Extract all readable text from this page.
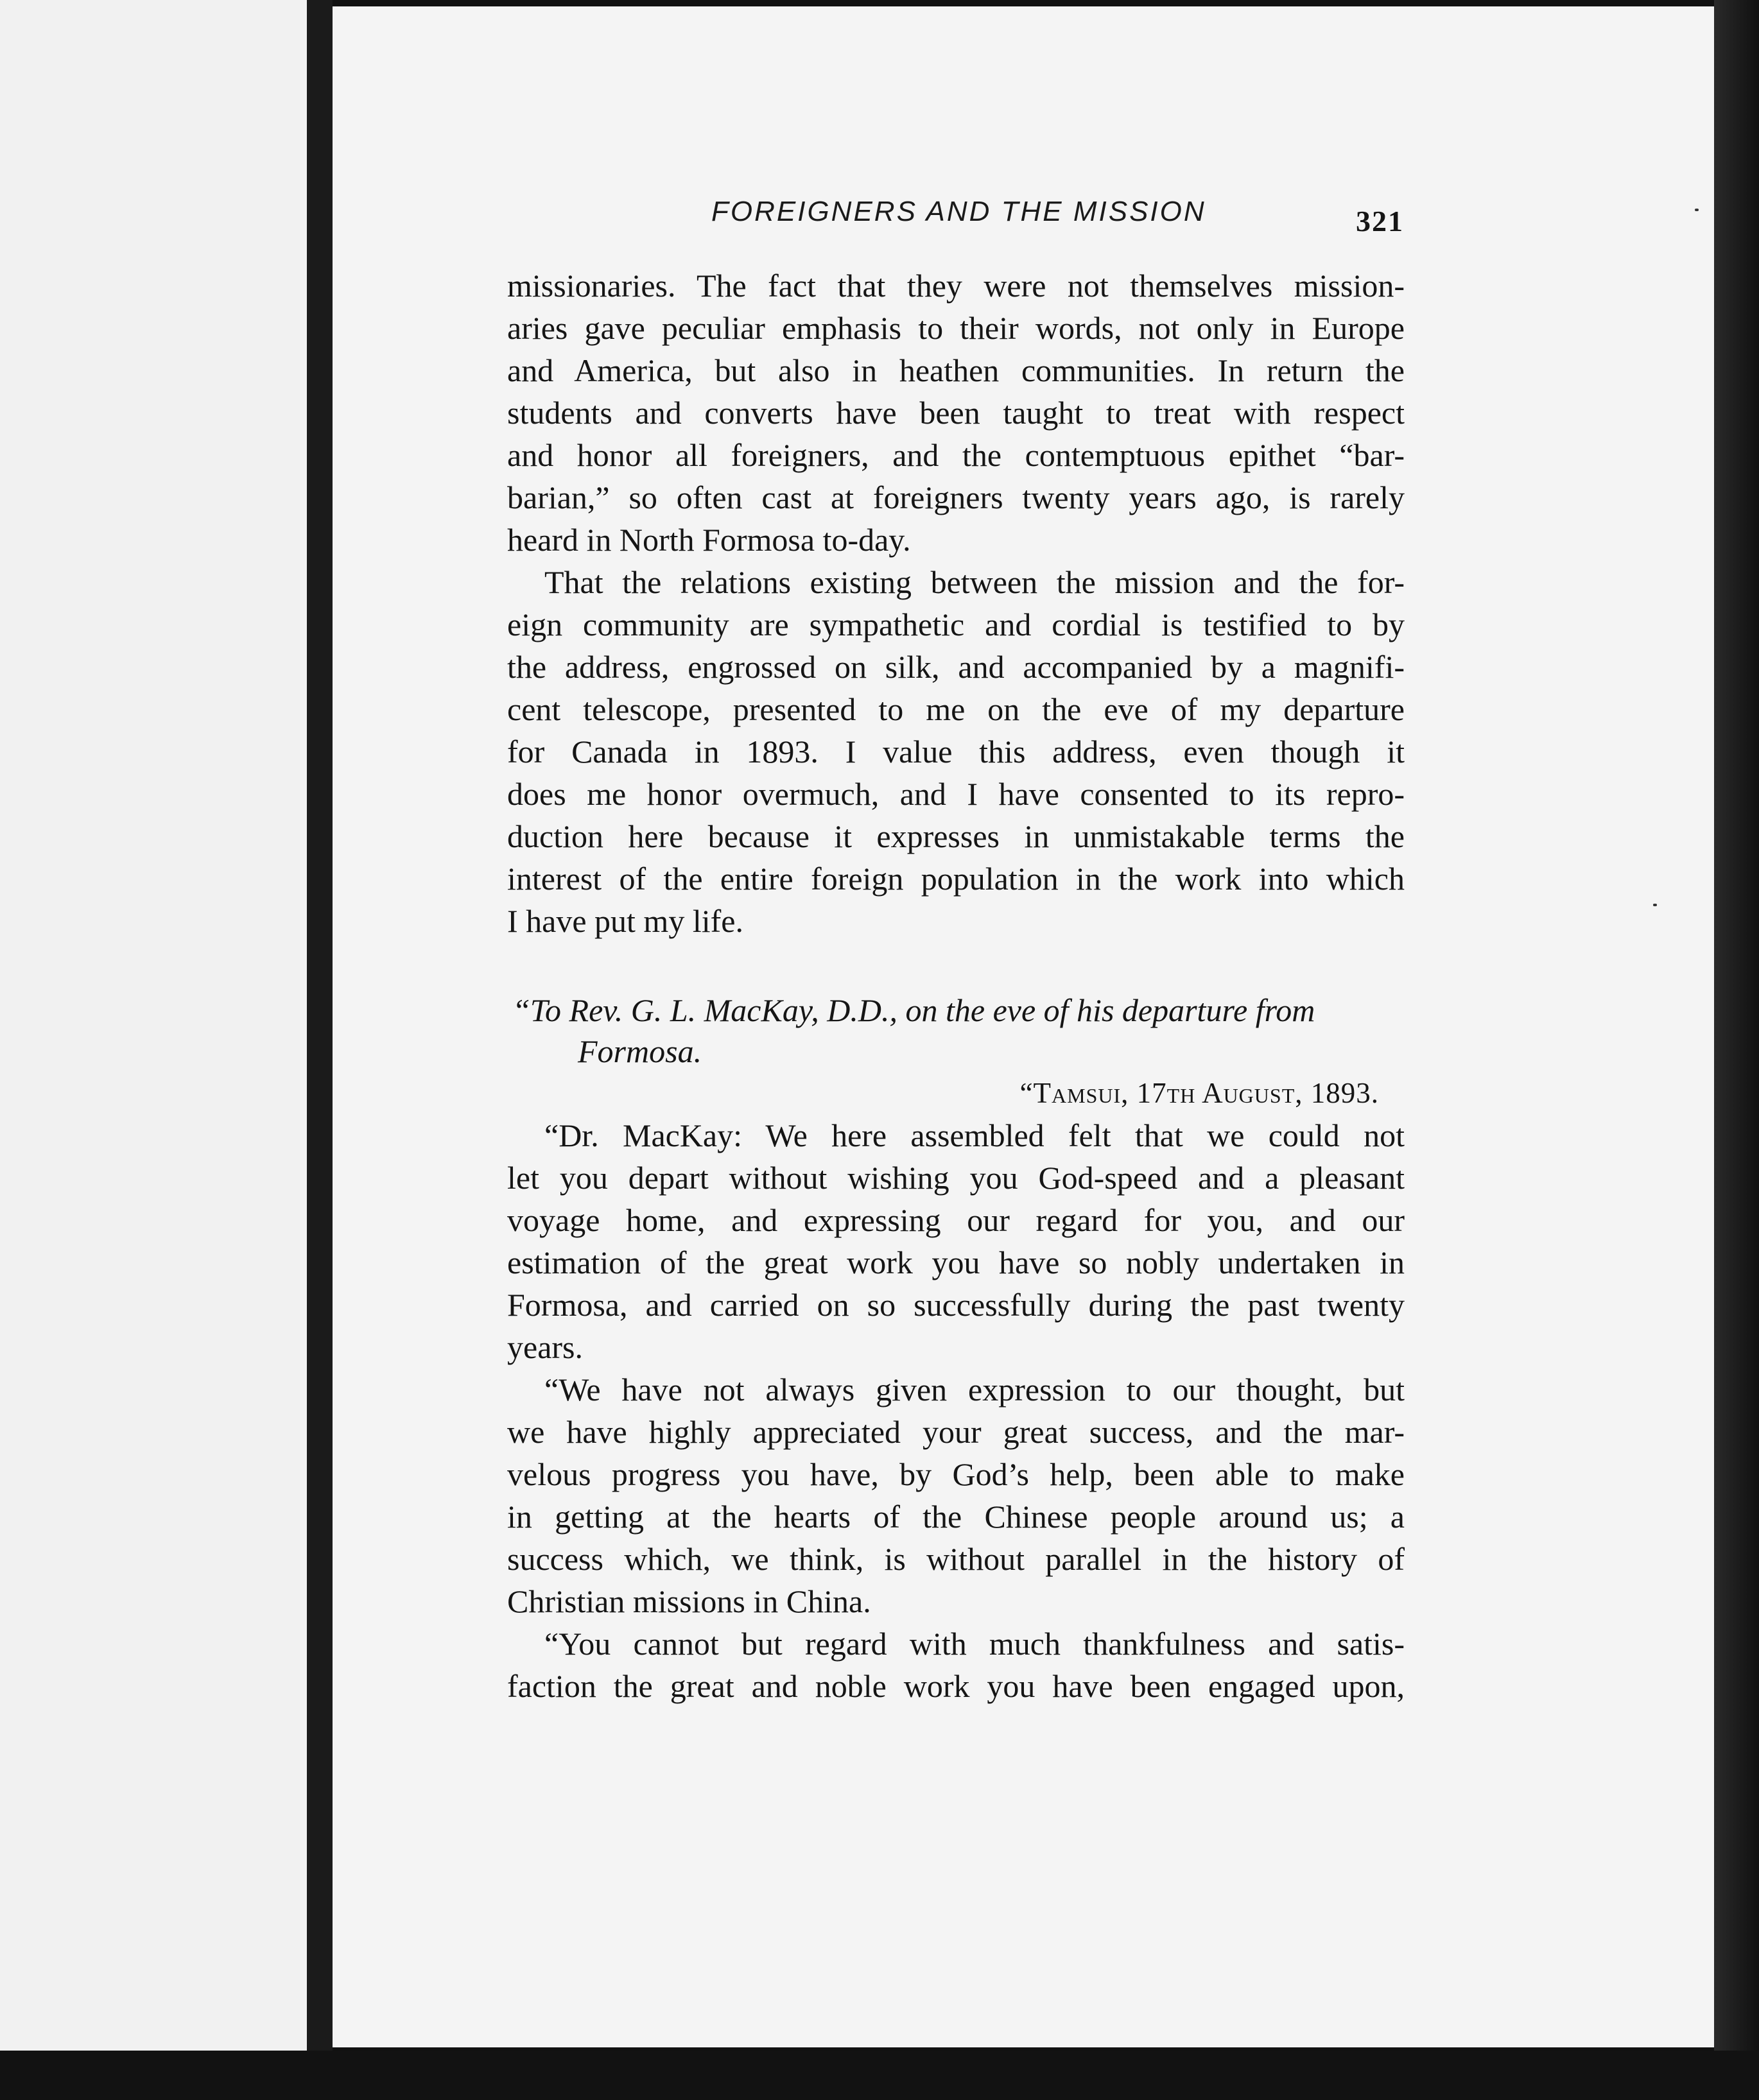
FOREIGNERS AND THE MISSION	321
missionaries. The fact that they were not themselves mission-
aries gave peculiar emphasis to their words, not only in Europe
and America, but also in heathen communities. In return the
students and converts have been taught to treat with respect
and honor all foreigners, and the contemptuous epithet “bar-
barian,” so often cast at foreigners twenty years ago, is rarely
heard in North Formosa to-day.
That the relations existing between the mission and the for-
eign community are sympathetic and cordial is testified to by
the address, engrossed on silk, and accompanied by a magnifi-
cent telescope, presented to me on the eve of my departure
for Canada in 1893. I value this address, even though it
does me honor overmuch, and I have consented to its repro-
duction here because it expresses in unmistakable terms the
interest of the entire foreign population in the work into which
I have put my life.
“To Rev. G. L. MacKay, D.D., on the eve of his departure from
Formosa.
“Tamsui, 17th August, 1893.
“Dr. MacKay: We here assembled felt that we could not
let you depart without wishing you God-speed and a pleasant
voyage home, and expressing our regard for you, and our
estimation of the great work you have so nobly undertaken in
Formosa, and carried on so successfully during the past twenty
years.
“We have not always given expression to our thought, but
we have highly appreciated your great success, and the mar-
velous progress you have, by God’s help, been able to make
in getting at the hearts of the Chinese people around us; a
success which, we think, is without parallel in the history of
Christian missions in China.
“You cannot but regard with much thankfulness and satis-
faction the great and noble work you have been engaged upon,
